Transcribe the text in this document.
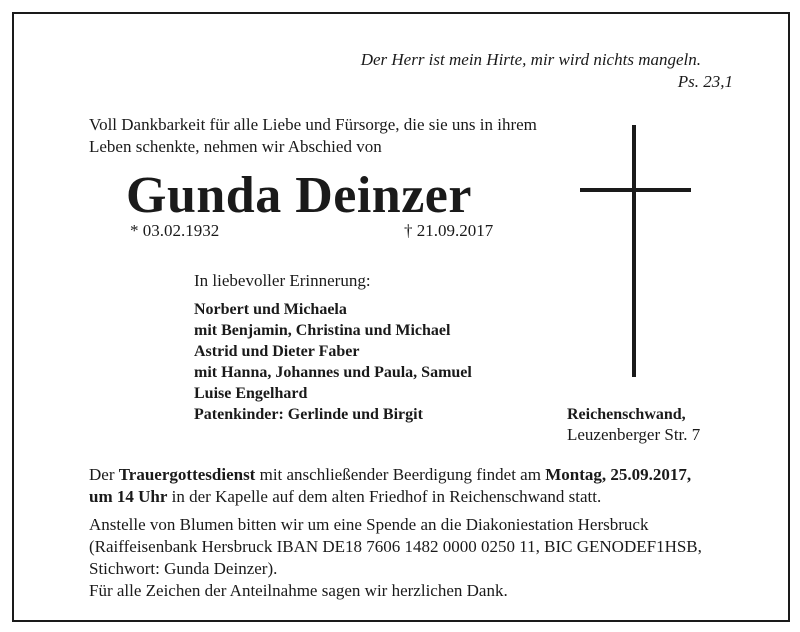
Der Herr ist mein Hirte, mir wird nichts mangeln.
Ps. 23,1
Voll Dankbarkeit für alle Liebe und Fürsorge, die sie uns in ihrem
Leben schenkte, nehmen wir Abschied von
Gunda Deinzer
* 03.02.1932	† 21.09.2017
In liebevoller Erinnerung:
Norbert und Michaela
mit Benjamin, Christina und Michael
Astrid und Dieter Faber
mit Hanna, Johannes und Paula, Samuel
Luise Engelhard
Patenkinder: Gerlinde und Birgit	Reichenschwand,
Leuzenberger Str. 7
Der Trauergottesdienst mit anschließender Beerdigung findet am Montag, 25.09.2017,
um 14 Uhr in der Kapelle auf dem alten Friedhof in Reichenschwand statt.
Anstelle von Blumen bitten wir um eine Spende an die Diakoniestation Hersbruck
(Raiffeisenbank Hersbruck IBAN DE18 7606 1482 0000 0250 11, BIC GENODEF1HSB,
Stichwort: Gunda Deinzer).
Für alle Zeichen der Anteilnahme sagen wir herzlichen Dank.
